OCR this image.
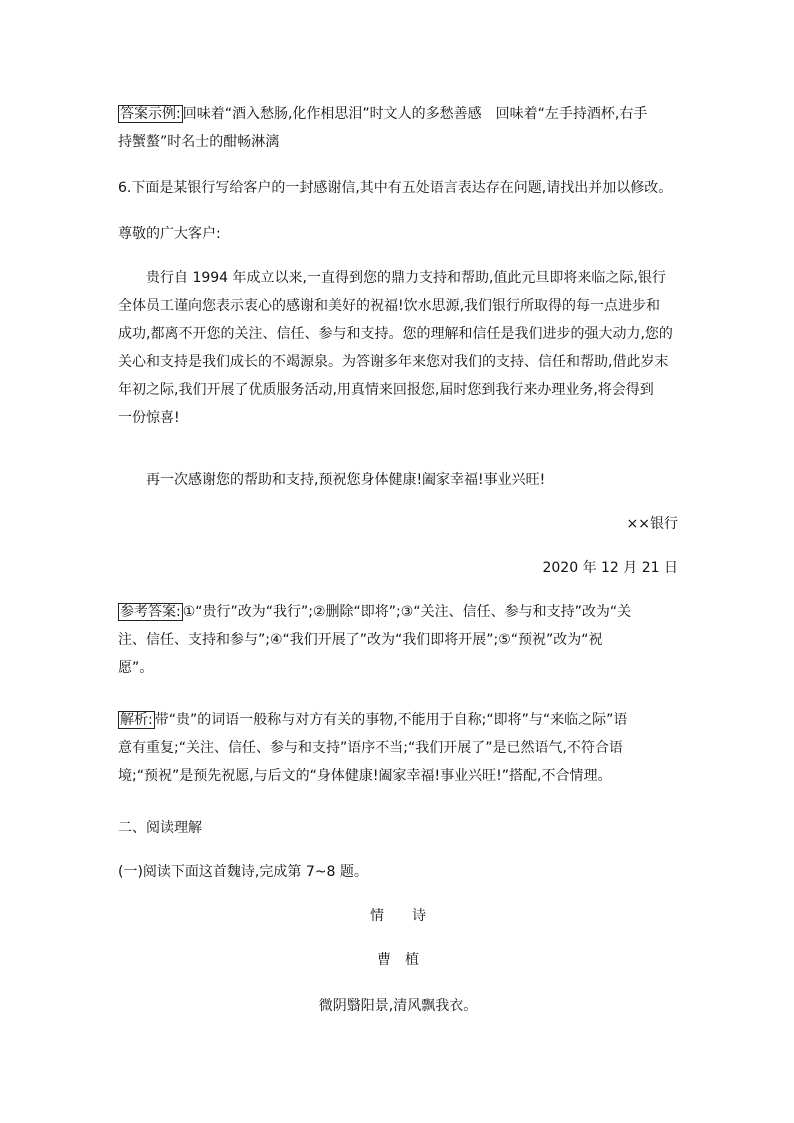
答案示例: 回味着“酒入愁肠,化作相思泪”时文人的多愁善感　回味着“左手持酒杯,右手
持蟹螯”时名士的酣畅淋漓

6.下面是某银行写给客户的一封感谢信,其中有五处语言表达存在问题,请找出并加以修改。

尊敬的广大客户:

贵行自 1994 年成立以来,一直得到您的鼎力支持和帮助,值此元旦即将来临之际,银行
全体员工谨向您表示衷心的感谢和美好的祝福!饮水思源,我们银行所取得的每一点进步和
成功,都离不开您的关注、信任、参与和支持。您的理解和信任是我们进步的强大动力,您的
关心和支持是我们成长的不竭源泉。为答谢多年来您对我们的支持、信任和帮助,借此岁末
年初之际,我们开展了优质服务活动,用真情来回报您,届时您到我行来办理业务,将会得到
一份惊喜!

再一次感谢您的帮助和支持,预祝您身体健康!阖家幸福!事业兴旺!

××银行

2020 年 12 月 21 日

参考答案: ①“贵行”改为“我行”;②删除“即将”;③“关注、信任、参与和支持”改为“关
注、信任、支持和参与”;④“我们开展了”改为“我们即将开展”;⑤“预祝”改为“祝
愿”。

解析: 带“贵”的词语一般称与对方有关的事物,不能用于自称;“即将”与“来临之际”语
意有重复;“关注、信任、参与和支持”语序不当;“我们开展了”是已然语气,不符合语
境;“预祝”是预先祝愿,与后文的“身体健康!阖家幸福!事业兴旺!”搭配,不合情理。

二、阅读理解

(一)阅读下面这首魏诗,完成第 7~8 题。

情　　诗

曹　植

微阴翳阳景,清风飘我衣。
